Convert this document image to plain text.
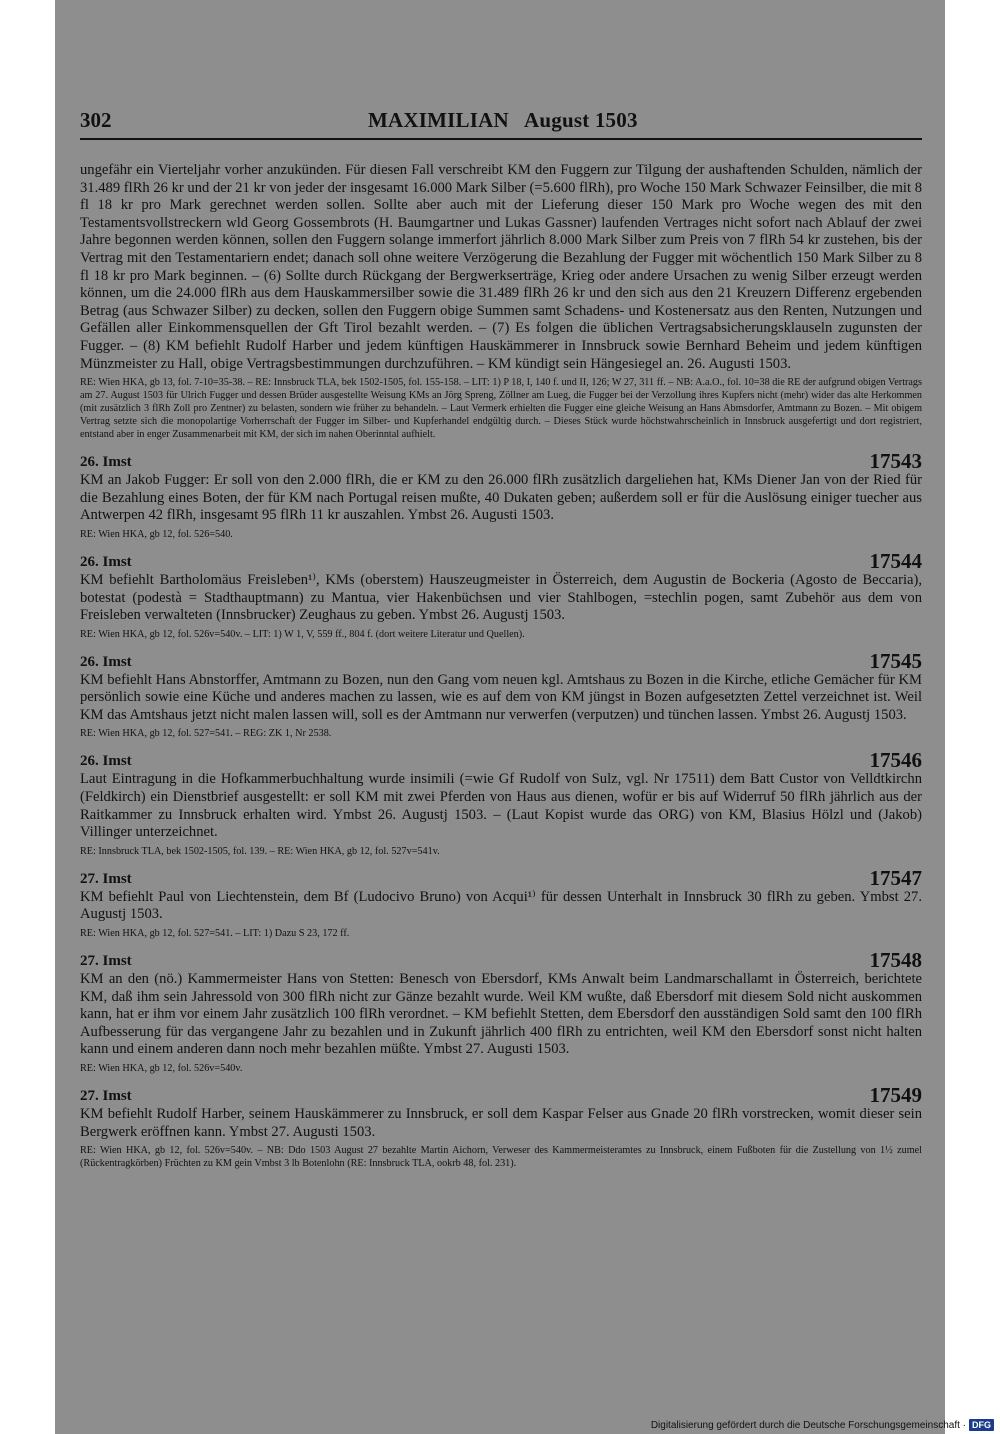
302	MAXIMILIAN   August 1503

ungefähr ein Vierteljahr vorher anzukünden. Für diesen Fall verschreibt KM den Fuggern zur Tilgung der aushaftenden Schulden, nämlich der 31.489 flRh 26 kr und der 21 kr von jeder der insgesamt 16.000 Mark Silber (=5.600 flRh), pro Woche 150 Mark Schwazer Feinsilber, die mit 8 fl 18 kr pro Mark gerechnet werden sollen. Sollte aber auch mit der Lieferung dieser 150 Mark pro Woche wegen des mit den Testamentsvollstreckern wld Georg Gossembrots (H. Baumgartner und Lukas Gassner) laufenden Vertrages nicht sofort nach Ablauf der zwei Jahre begonnen werden können, sollen den Fuggern solange immerfort jährlich 8.000 Mark Silber zum Preis von 7 flRh 54 kr zustehen, bis der Vertrag mit den Testamentariern endet; danach soll ohne weitere Verzögerung die Bezahlung der Fugger mit wöchentlich 150 Mark Silber zu 8 fl 18 kr pro Mark beginnen. – (6) Sollte durch Rückgang der Bergwerkserträge, Krieg oder andere Ursachen zu wenig Silber erzeugt werden können, um die 24.000 flRh aus dem Hauskammersilber sowie die 31.489 flRh 26 kr und den sich aus den 21 Kreuzern Differenz ergebenden Betrag (aus Schwazer Silber) zu decken, sollen den Fuggern obige Summen samt Schadens- und Kostenersatz aus den Renten, Nutzungen und Gefällen aller Einkommensquellen der Gft Tirol bezahlt werden. – (7) Es folgen die üblichen Vertragsabsicherungsklauseln zugunsten der Fugger. – (8) KM befiehlt Rudolf Harber und jedem künftigen Hauskämmerer in Innsbruck sowie Bernhard Beheim und jedem künftigen Münzmeister zu Hall, obige Vertragsbestimmungen durchzuführen. – KM kündigt sein Hängesiegel an. 26. Augusti 1503.

RE: Wien HKA, gb 13, fol. 7-10=35-38. – RE: Innsbruck TLA, bek 1502-1505, fol. 155-158. – LIT: 1) P 18, I, 140 f. und II, 126; W 27, 311 ff. – NB: A.a.O., fol. 10=38 die RE der aufgrund obigen Vertrags am 27. August 1503 für Ulrich Fugger und dessen Brüder ausgestellte Weisung KMs an Jörg Spreng, Zöllner am Lueg, die Fugger bei der Verzollung ihres Kupfers nicht (mehr) wider das alte Herkommen (mit zusätzlich 3 flRh Zoll pro Zentner) zu belasten, sondern wie früher zu behandeln. – Laut Vermerk erhielten die Fugger eine gleiche Weisung an Hans Abmsdorfer, Amtmann zu Bozen. – Mit obigem Vertrag setzte sich die monopolartige Vorherrschaft der Fugger im Silber- und Kupferhandel endgültig durch. – Dieses Stück wurde höchstwahrscheinlich in Innsbruck ausgefertigt und dort registriert, entstand aber in enger Zusammenarbeit mit KM, der sich im nahen Oberinntal aufhielt.

26. Imst	17543

KM an Jakob Fugger: Er soll von den 2.000 flRh, die er KM zu den 26.000 flRh zusätzlich dargeliehen hat, KMs Diener Jan von der Ried für die Bezahlung eines Boten, der für KM nach Portugal reisen mußte, 40 Dukaten geben; außerdem soll er für die Auslösung einiger tuecher aus Antwerpen 42 flRh, insgesamt 95 flRh 11 kr auszahlen. Ymbst 26. Augusti 1503.

RE: Wien HKA, gb 12, fol. 526=540.

26. Imst	17544

KM befiehlt Bartholomäus Freisleben¹⁾, KMs (oberstem) Hauszeugmeister in Österreich, dem Augustin de Bockeria (Agosto de Beccaria), botestat (podestà = Stadthauptmann) zu Mantua, vier Hakenbüchsen und vier Stahlbogen, =stechlin pogen, samt Zubehör aus dem von Freisleben verwalteten (Innsbrucker) Zeughaus zu geben. Ymbst 26. Augustj 1503.

RE: Wien HKA, gb 12, fol. 526v=540v. – LIT: 1) W 1, V, 559 ff., 804 f. (dort weitere Literatur und Quellen).

26. Imst	17545

KM befiehlt Hans Abnstorffer, Amtmann zu Bozen, nun den Gang vom neuen kgl. Amtshaus zu Bozen in die Kirche, etliche Gemächer für KM persönlich sowie eine Küche und anderes machen zu lassen, wie es auf dem von KM jüngst in Bozen aufgesetzten Zettel verzeichnet ist. Weil KM das Amtshaus jetzt nicht malen lassen will, soll es der Amtmann nur verwerfen (verputzen) und tünchen lassen. Ymbst 26. Augustj 1503.

RE: Wien HKA, gb 12, fol. 527=541. – REG: ZK 1, Nr 2538.

26. Imst	17546

Laut Eintragung in die Hofkammerbuchhaltung wurde insimili (=wie Gf Rudolf von Sulz, vgl. Nr 17511) dem Batt Custor von Velldtkirchn (Feldkirch) ein Dienstbrief ausgestellt: er soll KM mit zwei Pferden von Haus aus dienen, wofür er bis auf Widerruf 50 flRh jährlich aus der Raitkammer zu Innsbruck erhalten wird. Ymbst 26. Augustj 1503. – (Laut Kopist wurde das ORG) von KM, Blasius Hölzl und (Jakob) Villinger unterzeichnet.

RE: Innsbruck TLA, bek 1502-1505, fol. 139. – RE: Wien HKA, gb 12, fol. 527v=541v.

27. Imst	17547

KM befiehlt Paul von Liechtenstein, dem Bf (Ludocivo Bruno) von Acqui¹⁾ für dessen Unterhalt in Innsbruck 30 flRh zu geben. Ymbst 27. Augustj 1503.

RE: Wien HKA, gb 12, fol. 527=541. – LIT: 1) Dazu S 23, 172 ff.

27. Imst	17548

KM an den (nö.) Kammermeister Hans von Stetten: Benesch von Ebersdorf, KMs Anwalt beim Landmarschallamt in Österreich, berichtete KM, daß ihm sein Jahressold von 300 flRh nicht zur Gänze bezahlt wurde. Weil KM wußte, daß Ebersdorf mit diesem Sold nicht auskommen kann, hat er ihm vor einem Jahr zusätzlich 100 flRh verordnet. – KM befiehlt Stetten, dem Ebersdorf den ausständigen Sold samt den 100 flRh Aufbesserung für das vergangene Jahr zu bezahlen und in Zukunft jährlich 400 flRh zu entrichten, weil KM den Ebersdorf sonst nicht halten kann und einem anderen dann noch mehr bezahlen müßte. Ymbst 27. Augusti 1503.

RE: Wien HKA, gb 12, fol. 526v=540v.

27. Imst	17549

KM befiehlt Rudolf Harber, seinem Hauskämmerer zu Innsbruck, er soll dem Kaspar Felser aus Gnade 20 flRh vorstrecken, womit dieser sein Bergwerk eröffnen kann. Ymbst 27. Augusti 1503.

RE: Wien HKA, gb 12, fol. 526v=540v. – NB: Ddo 1503 August 27 bezahlte Martin Aichorn, Verweser des Kammermeisteramtes zu Innsbruck, einem Fußboten für die Zustellung von 1½ zumel (Rückentragkörben) Früchten zu KM gein Vmbst 3 lb Botenlohn (RE: Innsbruck TLA, ookrb 48, fol. 231).

Digitalisierung gefördert durch die Deutsche Forschungsgemeinschaft · DFG
